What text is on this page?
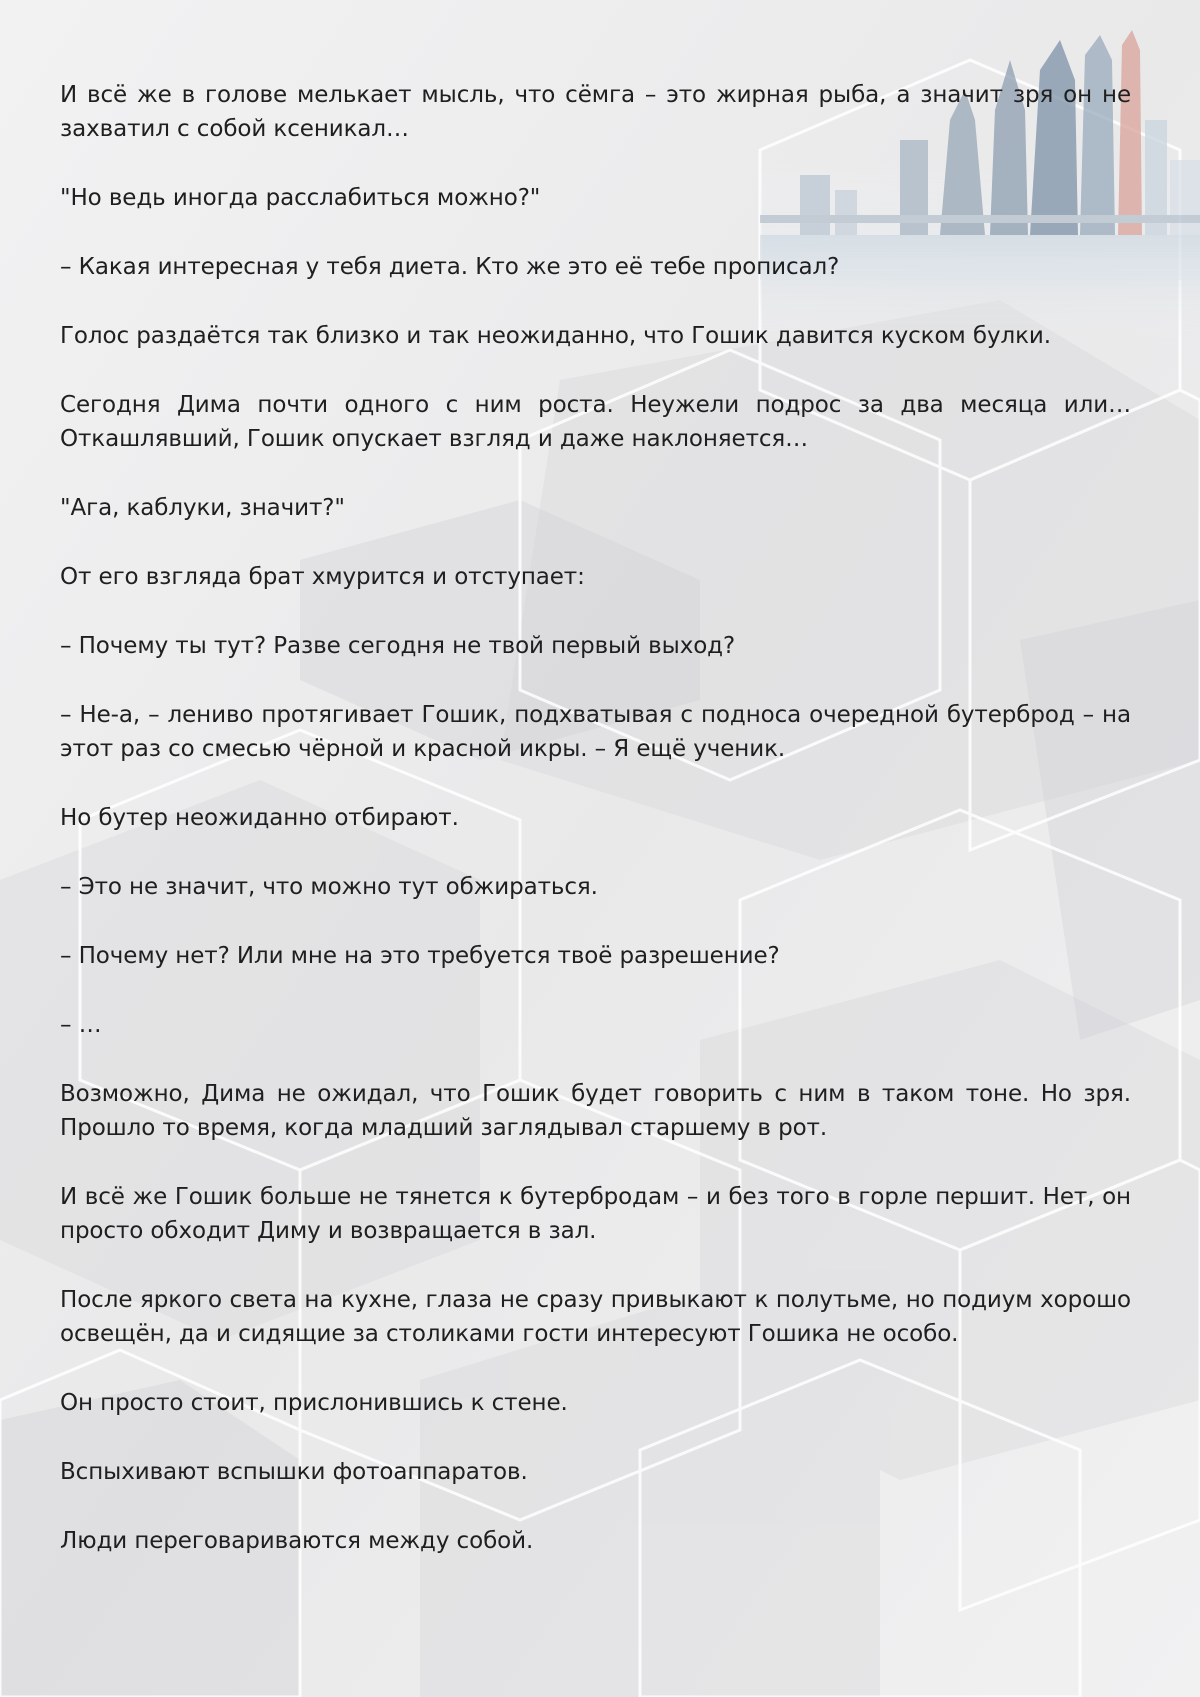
И всё же в голове мелькает мысль, что сёмга – это жирная рыба, а значит зря он не захватил с собой ксеникал…

"Но ведь иногда расслабиться можно?"

– Какая интересная у тебя диета. Кто же это её тебе прописал?

Голос раздаётся так близко и так неожиданно, что Гошик давится куском булки.

Сегодня Дима почти одного с ним роста. Неужели подрос за два месяца или… Откашлявший, Гошик опускает взгляд и даже наклоняется…

"Ага, каблуки, значит?"

От его взгляда брат хмурится и отступает:

– Почему ты тут? Разве сегодня не твой первый выход?

– Не-а, – лениво протягивает Гошик, подхватывая с подноса очередной бутерброд – на этот раз со смесью чёрной и красной икры. – Я ещё ученик.

Но бутер неожиданно отбирают.

– Это не значит, что можно тут обжираться.

– Почему нет? Или мне на это требуется твоё разрешение?

– …

Возможно, Дима не ожидал, что Гошик будет говорить с ним в таком тоне. Но зря. Прошло то время, когда младший заглядывал старшему в рот.

И всё же Гошик больше не тянется к бутербродам – и без того в горле першит. Нет, он просто обходит Диму и возвращается в зал.

После яркого света на кухне, глаза не сразу привыкают к полутьме, но подиум хорошо освещён, да и сидящие за столиками гости интересуют Гошика не особо.

Он просто стоит, прислонившись к стене.

Вспыхивают вспышки фотоаппаратов.

Люди переговариваются между собой.
